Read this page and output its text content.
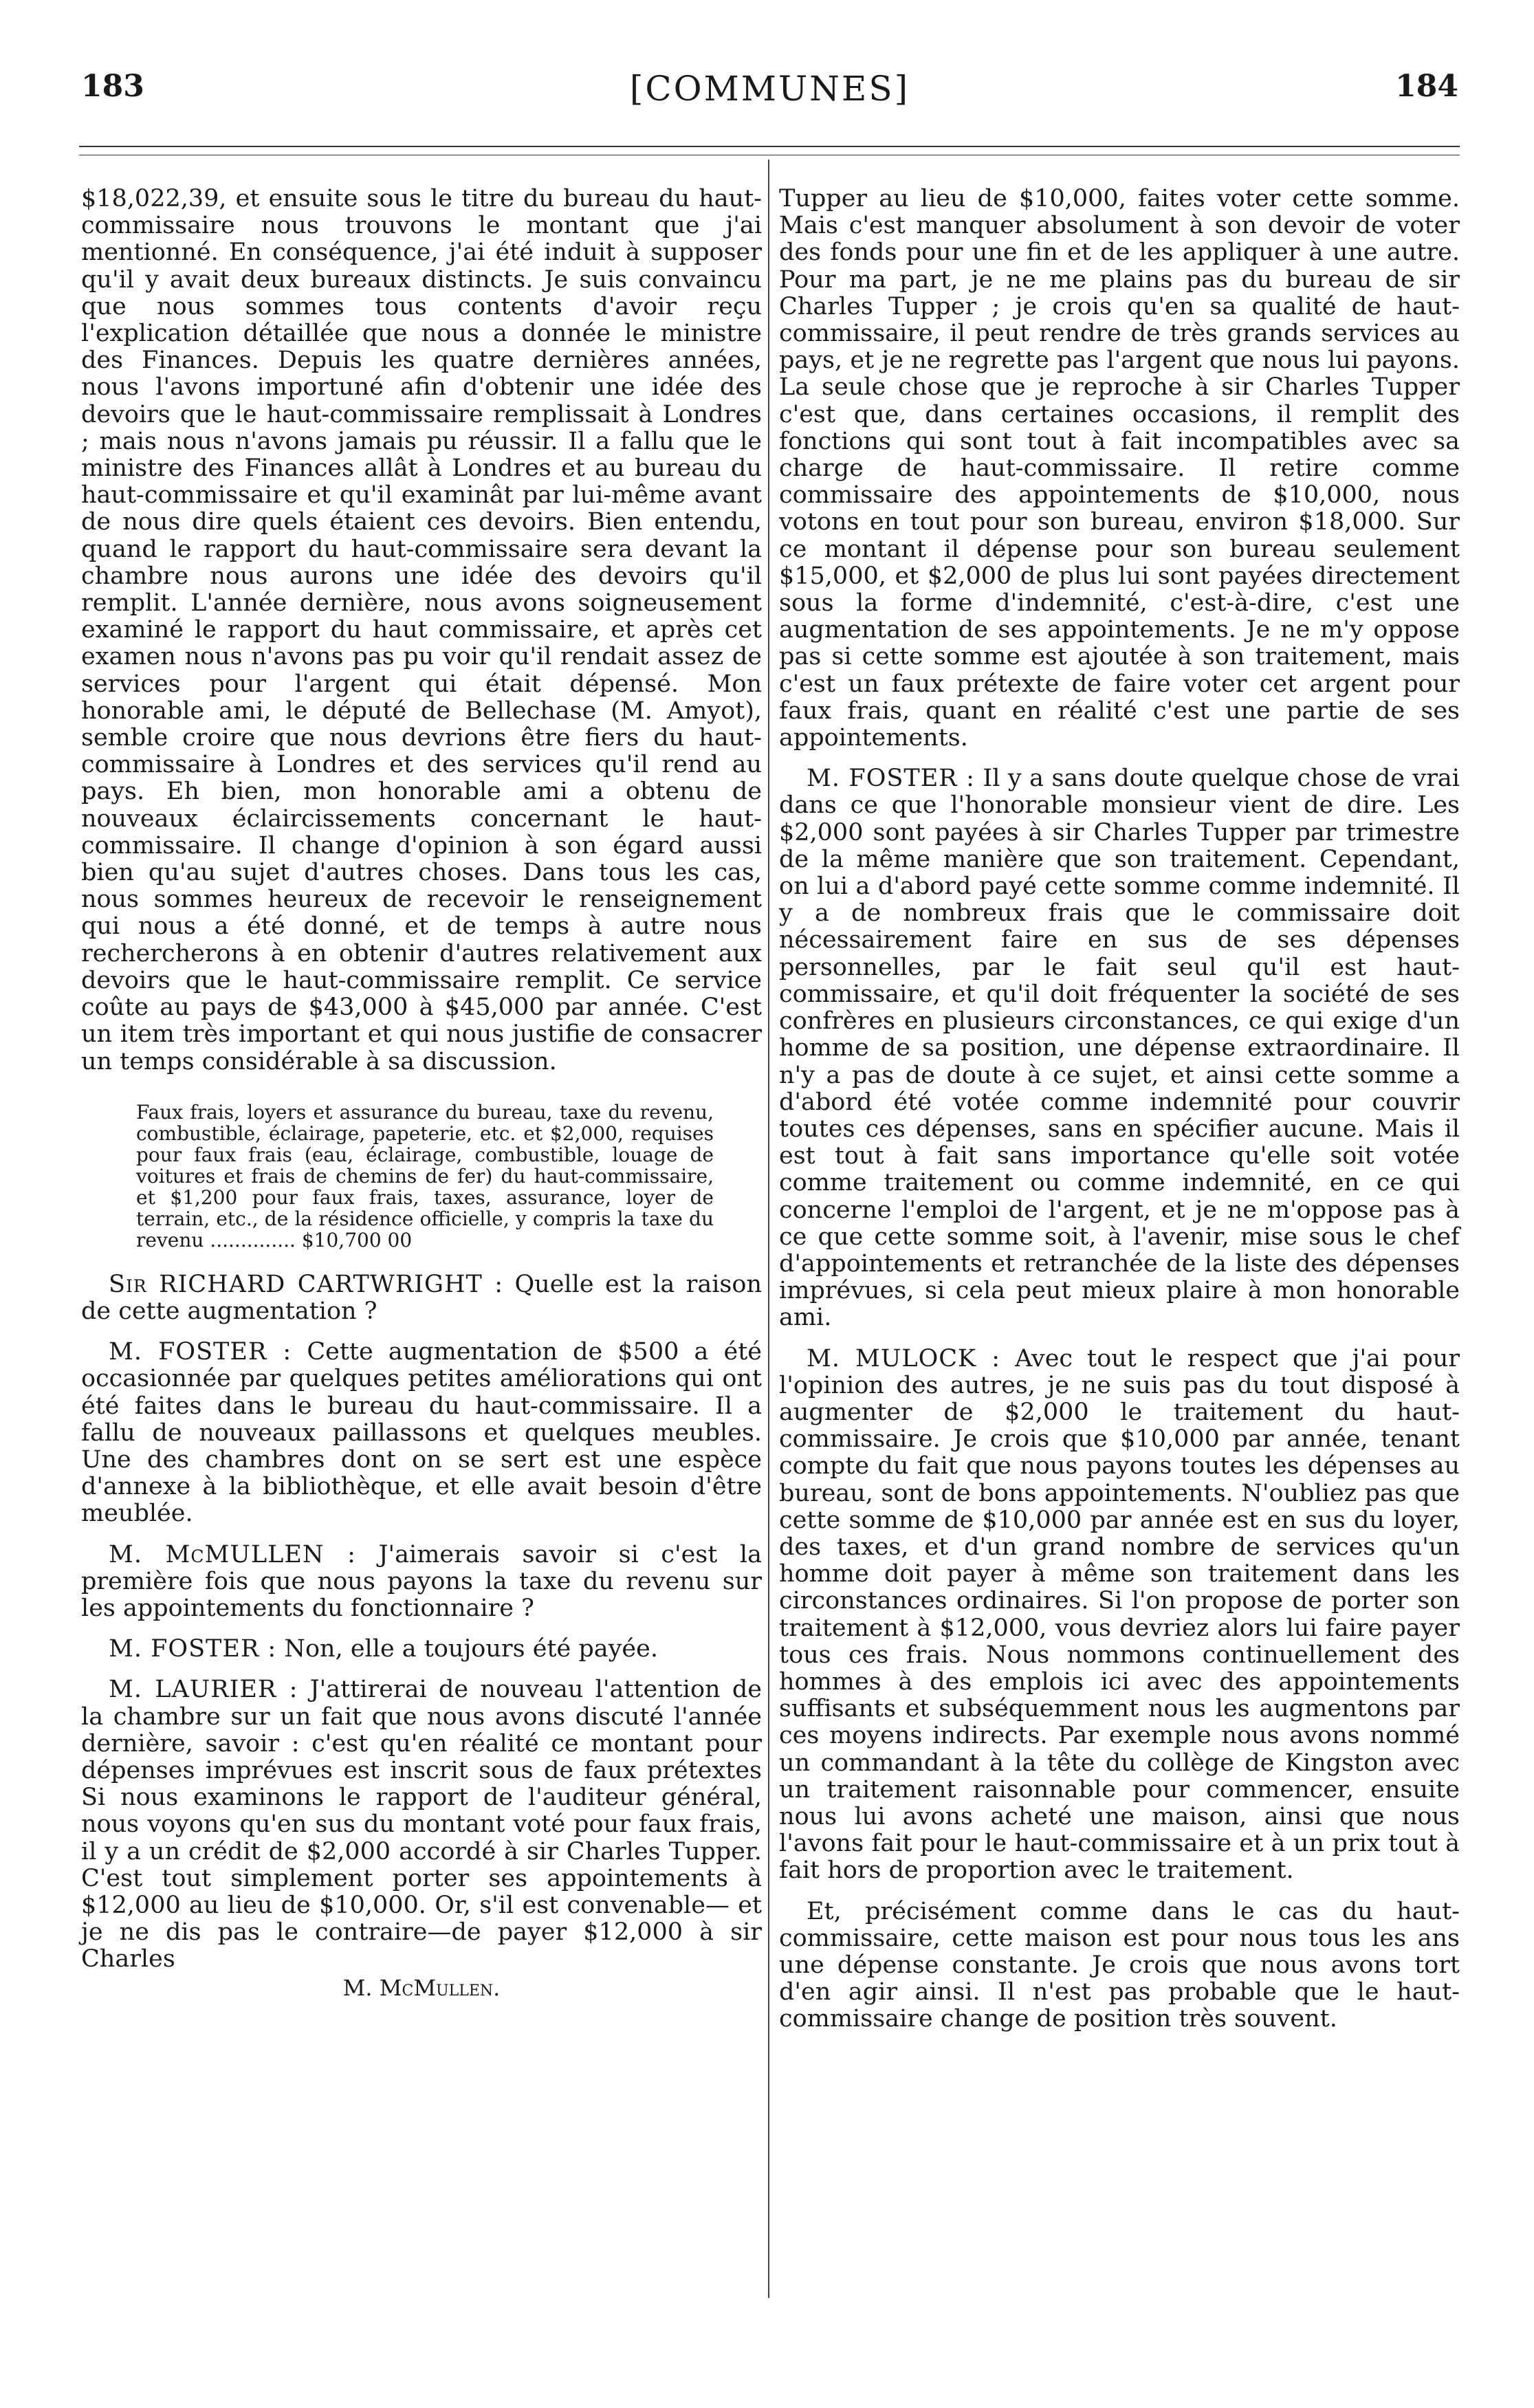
183	[COMMUNES]	184

$18,022,39, et ensuite sous le titre du bureau du haut-commissaire nous trouvons le montant que j'ai mentionné. En conséquence, j'ai été induit à supposer qu'il y avait deux bureaux distincts. Je suis convaincu que nous sommes tous contents d'avoir reçu l'explication détaillée que nous a donnée le ministre des Finances. Depuis les quatre dernières années, nous l'avons importuné afin d'obtenir une idée des devoirs que le haut-commissaire remplissait à Londres ; mais nous n'avons jamais pu réussir. Il a fallu que le ministre des Finances allât à Londres et au bureau du haut-commissaire et qu'il examinât par lui-même avant de nous dire quels étaient ces devoirs. Bien entendu, quand le rapport du haut-commissaire sera devant la chambre nous aurons une idée des devoirs qu'il remplit. L'année dernière, nous avons soigneusement examiné le rapport du haut commissaire, et après cet examen nous n'avons pas pu voir qu'il rendait assez de services pour l'argent qui était dépensé. Mon honorable ami, le député de Bellechase (M. Amyot), semble croire que nous devrions être fiers du haut-commissaire à Londres et des services qu'il rend au pays. Eh bien, mon honorable ami a obtenu de nouveaux éclaircissements concernant le haut-commissaire. Il change d'opinion à son égard aussi bien qu'au sujet d'autres choses. Dans tous les cas, nous sommes heureux de recevoir le renseignement qui nous a été donné, et de temps à autre nous rechercherons à en obtenir d'autres relativement aux devoirs que le haut-commissaire remplit. Ce service coûte au pays de $43,000 à $45,000 par année. C'est un item très important et qui nous justifie de consacrer un temps considérable à sa discussion.

Faux frais, loyers et assurance du bureau, taxe du revenu, combustible, éclairage, papeterie, etc. et $2,000, requises pour faux frais (eau, éclairage, combustible, louage de voitures et frais de chemins de fer) du haut-commissaire, et $1,200 pour faux frais, taxes, assurance, loyer de terrain, etc., de la résidence officielle, y compris la taxe du revenu .............. $10,700 00

Sir RICHARD CARTWRIGHT : Quelle est la raison de cette augmentation ?

M. FOSTER : Cette augmentation de $500 a été occasionnée par quelques petites améliorations qui ont été faites dans le bureau du haut-commissaire. Il a fallu de nouveaux paillassons et quelques meubles. Une des chambres dont on se sert est une espèce d'annexe à la bibliothèque, et elle avait besoin d'être meublée.

M. McMULLEN : J'aimerais savoir si c'est la première fois que nous payons la taxe du revenu sur les appointements du fonctionnaire ?

M. FOSTER : Non, elle a toujours été payée.

M. LAURIER : J'attirerai de nouveau l'attention de la chambre sur un fait que nous avons discuté l'année dernière, savoir : c'est qu'en réalité ce montant pour dépenses imprévues est inscrit sous de faux prétextes Si nous examinons le rapport de l'auditeur général, nous voyons qu'en sus du montant voté pour faux frais, il y a un crédit de $2,000 accordé à sir Charles Tupper. C'est tout simplement porter ses appointements à $12,000 au lieu de $10,000. Or, s'il est convenable— et je ne dis pas le contraire—de payer $12,000 à sir Charles

M. McMullen.

Tupper au lieu de $10,000, faites voter cette somme. Mais c'est manquer absolument à son devoir de voter des fonds pour une fin et de les appliquer à une autre. Pour ma part, je ne me plains pas du bureau de sir Charles Tupper ; je crois qu'en sa qualité de haut-commissaire, il peut rendre de très grands services au pays, et je ne regrette pas l'argent que nous lui payons. La seule chose que je reproche à sir Charles Tupper c'est que, dans certaines occasions, il remplit des fonctions qui sont tout à fait incompatibles avec sa charge de haut-commissaire. Il retire comme commissaire des appointements de $10,000, nous votons en tout pour son bureau, environ $18,000. Sur ce montant il dépense pour son bureau seulement $15,000, et $2,000 de plus lui sont payées directement sous la forme d'indemnité, c'est-à-dire, c'est une augmentation de ses appointements. Je ne m'y oppose pas si cette somme est ajoutée à son traitement, mais c'est un faux prétexte de faire voter cet argent pour faux frais, quant en réalité c'est une partie de ses appointements.

M. FOSTER : Il y a sans doute quelque chose de vrai dans ce que l'honorable monsieur vient de dire. Les $2,000 sont payées à sir Charles Tupper par trimestre de la même manière que son traitement. Cependant, on lui a d'abord payé cette somme comme indemnité. Il y a de nombreux frais que le commissaire doit nécessairement faire en sus de ses dépenses personnelles, par le fait seul qu'il est haut-commissaire, et qu'il doit fréquenter la société de ses confrères en plusieurs circonstances, ce qui exige d'un homme de sa position, une dépense extraordinaire. Il n'y a pas de doute à ce sujet, et ainsi cette somme a d'abord été votée comme indemnité pour couvrir toutes ces dépenses, sans en spécifier aucune. Mais il est tout à fait sans importance qu'elle soit votée comme traitement ou comme indemnité, en ce qui concerne l'emploi de l'argent, et je ne m'oppose pas à ce que cette somme soit, à l'avenir, mise sous le chef d'appointements et retranchée de la liste des dépenses imprévues, si cela peut mieux plaire à mon honorable ami.

M. MULOCK : Avec tout le respect que j'ai pour l'opinion des autres, je ne suis pas du tout disposé à augmenter de $2,000 le traitement du haut-commissaire. Je crois que $10,000 par année, tenant compte du fait que nous payons toutes les dépenses au bureau, sont de bons appointements. N'oubliez pas que cette somme de $10,000 par année est en sus du loyer, des taxes, et d'un grand nombre de services qu'un homme doit payer à même son traitement dans les circonstances ordinaires. Si l'on propose de porter son traitement à $12,000, vous devriez alors lui faire payer tous ces frais. Nous nommons continuellement des hommes à des emplois ici avec des appointements suffisants et subséquemment nous les augmentons par ces moyens indirects. Par exemple nous avons nommé un commandant à la tête du collège de Kingston avec un traitement raisonnable pour commencer, ensuite nous lui avons acheté une maison, ainsi que nous l'avons fait pour le haut-commissaire et à un prix tout à fait hors de proportion avec le traitement.

Et, précisément comme dans le cas du haut-commissaire, cette maison est pour nous tous les ans une dépense constante. Je crois que nous avons tort d'en agir ainsi. Il n'est pas probable que le haut-commissaire change de position très souvent.
